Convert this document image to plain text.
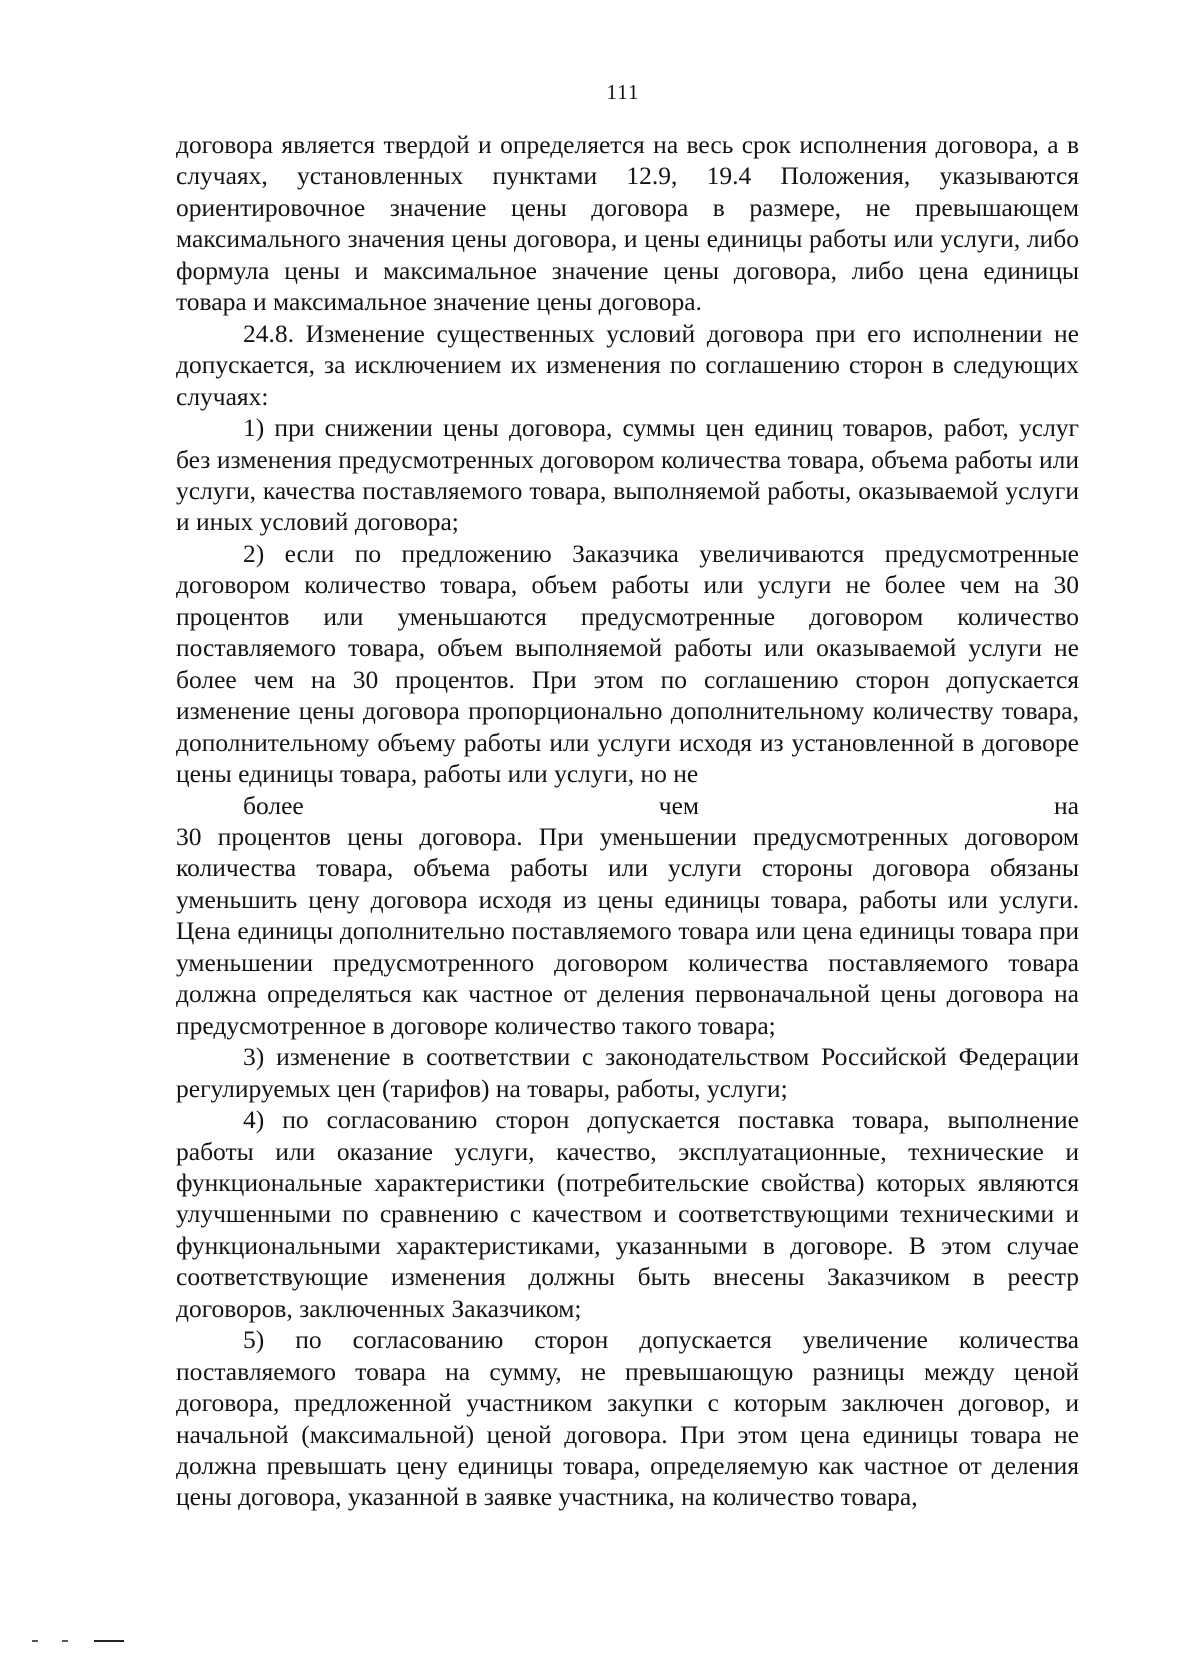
111

договора является твердой и определяется на весь срок исполнения договора, а в случаях, установленных пунктами 12.9, 19.4 Положения, указываются ориентировочное значение цены договора в размере, не превышающем максимального значения цены договора, и цены единицы работы или услуги, либо формула цены и максимальное значение цены договора, либо цена единицы товара и максимальное значение цены договора.

24.8. Изменение существенных условий договора при его исполнении не допускается, за исключением их изменения по соглашению сторон в следующих случаях:

1) при снижении цены договора, суммы цен единиц товаров, работ, услуг без изменения предусмотренных договором количества товара, объема работы или услуги, качества поставляемого товара, выполняемой работы, оказываемой услуги и иных условий договора;

2) если по предложению Заказчика увеличиваются предусмотренные договором количество товара, объем работы или услуги не более чем на 30 процентов или уменьшаются предусмотренные договором количество поставляемого товара, объем выполняемой работы или оказываемой услуги не более чем на 30 процентов. При этом по соглашению сторон допускается изменение цены договора пропорционально дополнительному количеству товара, дополнительному объему работы или услуги исходя из установленной в договоре цены единицы товара, работы или услуги, но не
более чем на
30 процентов цены договора. При уменьшении предусмотренных договором количества товара, объема работы или услуги стороны договора обязаны уменьшить цену договора исходя из цены единицы товара, работы или услуги. Цена единицы дополнительно поставляемого товара или цена единицы товара при уменьшении предусмотренного договором количества поставляемого товара должна определяться как частное от деления первоначальной цены договора на предусмотренное в договоре количество такого товара;

3) изменение в соответствии с законодательством Российской Федерации регулируемых цен (тарифов) на товары, работы, услуги;

4) по согласованию сторон допускается поставка товара, выполнение работы или оказание услуги, качество, эксплуатационные, технические и функциональные характеристики (потребительские свойства) которых являются улучшенными по сравнению с качеством и соответствующими техническими и функциональными характеристиками, указанными в договоре. В этом случае соответствующие изменения должны быть внесены Заказчиком в реестр договоров, заключенных Заказчиком;

5) по согласованию сторон допускается увеличение количества поставляемого товара на сумму, не превышающую разницы между ценой договора, предложенной участником закупки с которым заключен договор, и начальной (максимальной) ценой договора. При этом цена единицы товара не должна превышать цену единицы товара, определяемую как частное от деления цены договора, указанной в заявке участника, на количество товара,
